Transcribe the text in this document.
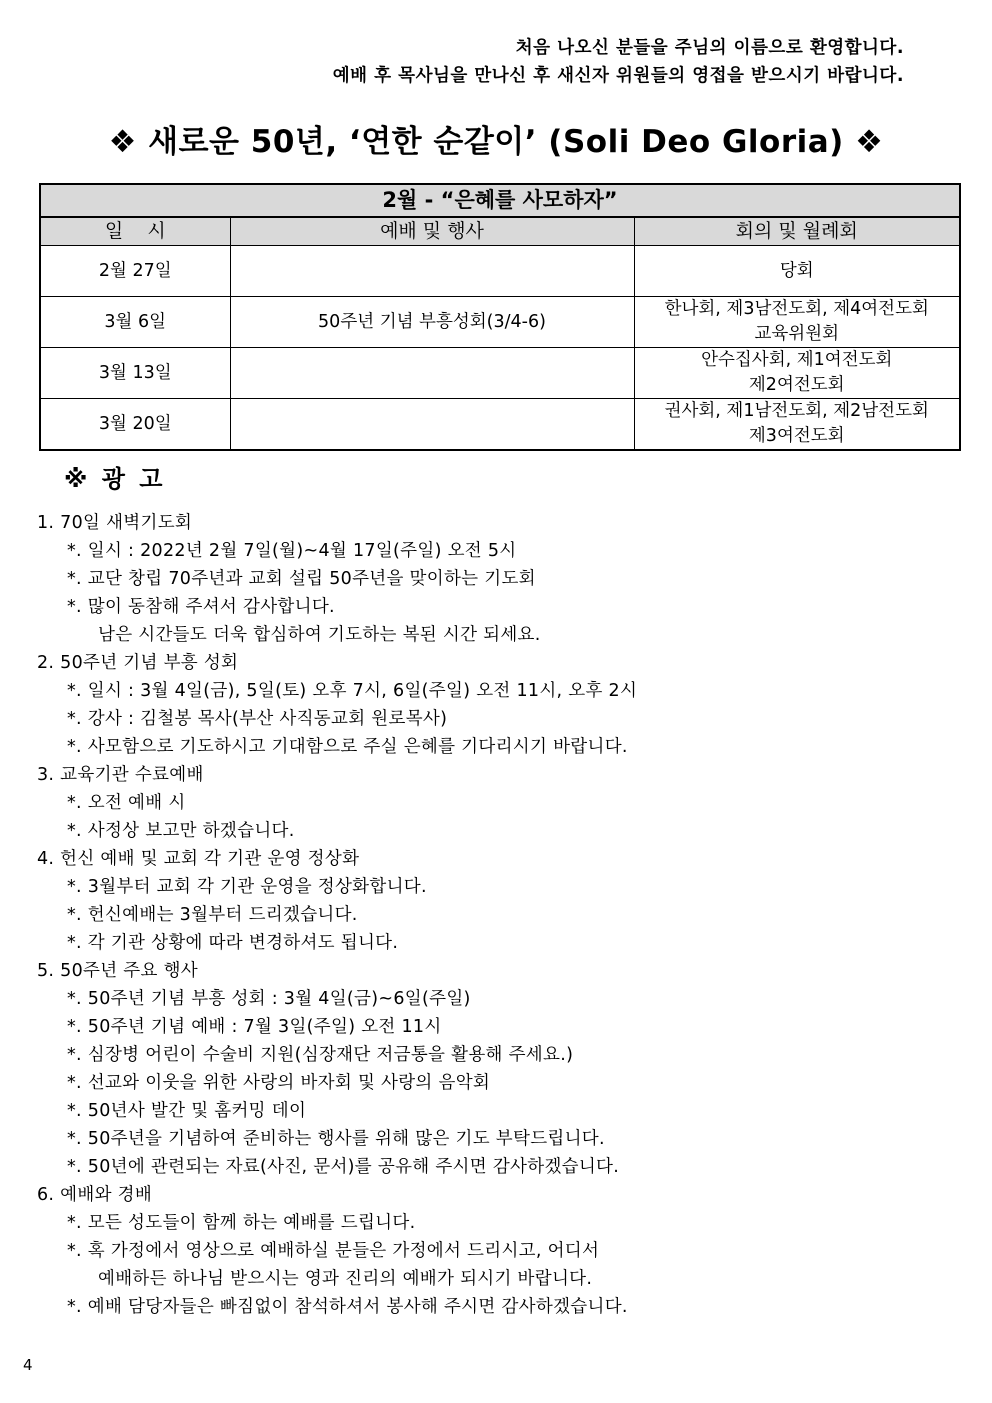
처음 나오신 분들을 주님의 이름으로 환영합니다.
예배 후 목사님을 만나신 후 새신자 위원들의 영접을 받으시기 바랍니다.
❖ 새로운 50년, ‘연한 순같이’ (Soli Deo Gloria) ❖
2월 - “은혜를 사모하자”		
일    시	예배 및 행사	회의 및 월례회
2월 27일		당회

3월 6일	50주년 기념 부흥성회(3/4-6)	한나회, 제3남전도회, 제4여전도회
교육위원회

3월 13일		안수집사회, 제1여전도회
제2여전도회

3월 20일		권사회, 제1남전도회, 제2남전도회
제3여전도회
※ 광 고
1. 70일 새벽기도회
*. 일시 : 2022년 2월 7일(월)~4월 17일(주일) 오전 5시
*. 교단 창립 70주년과 교회 설립 50주년을 맞이하는 기도회
*. 많이 동참해 주셔서 감사합니다.
남은 시간들도 더욱 합심하여 기도하는 복된 시간 되세요.
2. 50주년 기념 부흥 성회
*. 일시 : 3월 4일(금), 5일(토) 오후 7시, 6일(주일) 오전 11시, 오후 2시
*. 강사 : 김철봉 목사(부산 사직동교회 원로목사)
*. 사모함으로 기도하시고 기대함으로 주실 은혜를 기다리시기 바랍니다.
3. 교육기관 수료예배
*. 오전 예배 시
*. 사정상 보고만 하겠습니다.
4. 헌신 예배 및 교회 각 기관 운영 정상화
*. 3월부터 교회 각 기관 운영을 정상화합니다.
*. 헌신예배는 3월부터 드리겠습니다.
*. 각 기관 상황에 따라 변경하셔도 됩니다.
5. 50주년 주요 행사
*. 50주년 기념 부흥 성회 : 3월 4일(금)~6일(주일)
*. 50주년 기념 예배 : 7월 3일(주일) 오전 11시
*. 심장병 어린이 수술비 지원(심장재단 저금통을 활용해 주세요.)
*. 선교와 이웃을 위한 사랑의 바자회 및 사랑의 음악회
*. 50년사 발간 및 홈커밍 데이
*. 50주년을 기념하여 준비하는 행사를 위해 많은 기도 부탁드립니다.
*. 50년에 관련되는 자료(사진, 문서)를 공유해 주시면 감사하겠습니다.
6. 예배와 경배
*. 모든 성도들이 함께 하는 예배를 드립니다.
*. 혹 가정에서 영상으로 예배하실 분들은 가정에서 드리시고, 어디서
예배하든 하나님 받으시는 영과 진리의 예배가 되시기 바랍니다.
*. 예배 담당자들은 빠짐없이 참석하셔서 봉사해 주시면 감사하겠습니다.
4
